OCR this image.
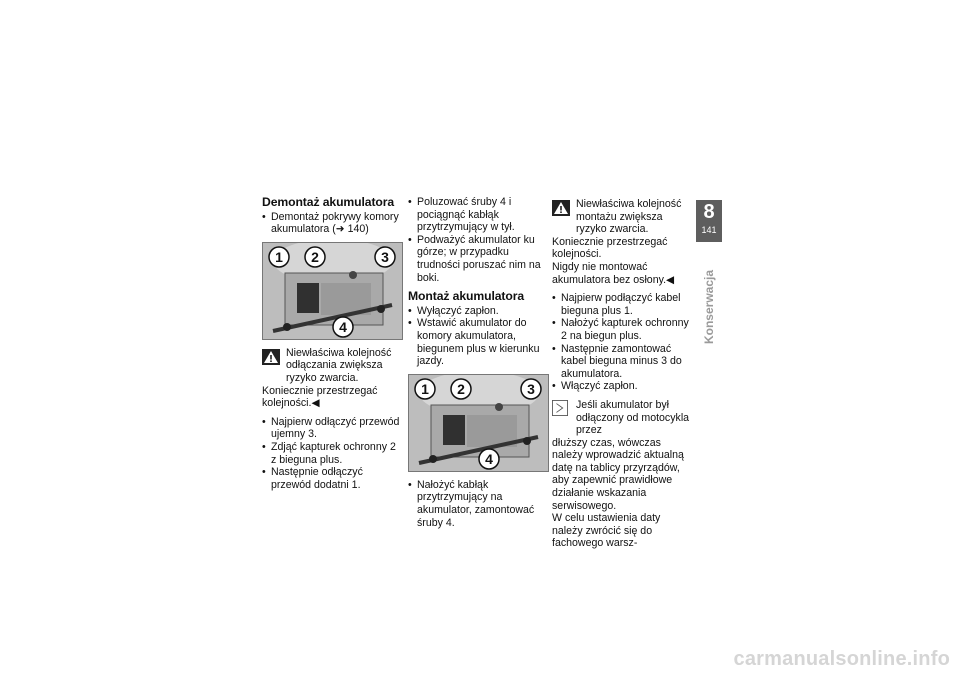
Demontaż akumulatora
• Demontaż pokrywy komory akumulatora (➜ 140)
1 2	3
4

Niewłaściwa kolejność odłączania zwiększa ryzyko zwarcia.

Koniecznie przestrzegać kolejności.◀

• Najpierw odłączyć przewód ujemny 3.
• Zdjąć kapturek ochronny 2 z bieguna plus.
• Następnie odłączyć przewód dodatni 1.
• Poluzować śruby 4 i pociągnąć kabłąk przytrzymujący w tył.
• Podważyć akumulator ku górze; w przypadku trudności poruszać nim na boki.
Montaż akumulatora
• Wyłączyć zapłon.
• Wstawić akumulator do komory akumulatora, biegunem plus w kierunku jazdy.
1 2	3
4
• Nałożyć kabłąk przytrzymujący na akumulator, zamontować śruby 4.

Niewłaściwa kolejność montażu zwiększa ryzyko zwarcia.

Koniecznie przestrzegać kolejności.

Nigdy nie montować akumulatora bez osłony.◀

• Najpierw podłączyć kabel bieguna plus 1.
• Nałożyć kapturek ochronny 2 na biegun plus.
• Następnie zamontować kabel bieguna minus 3 do akumulatora.
• Włączyć zapłon.

Jeśli akumulator był odłączony od motocykla przez

dłuższy czas, wówczas należy wprowadzić aktualną datę na tablicy przyrządów, aby zapewnić prawidłowe działanie wskazania serwisowego.

W celu ustawienia daty należy zwrócić się do fachowego warsz-

8
141
Konserwacja
carmanualsonline.info
